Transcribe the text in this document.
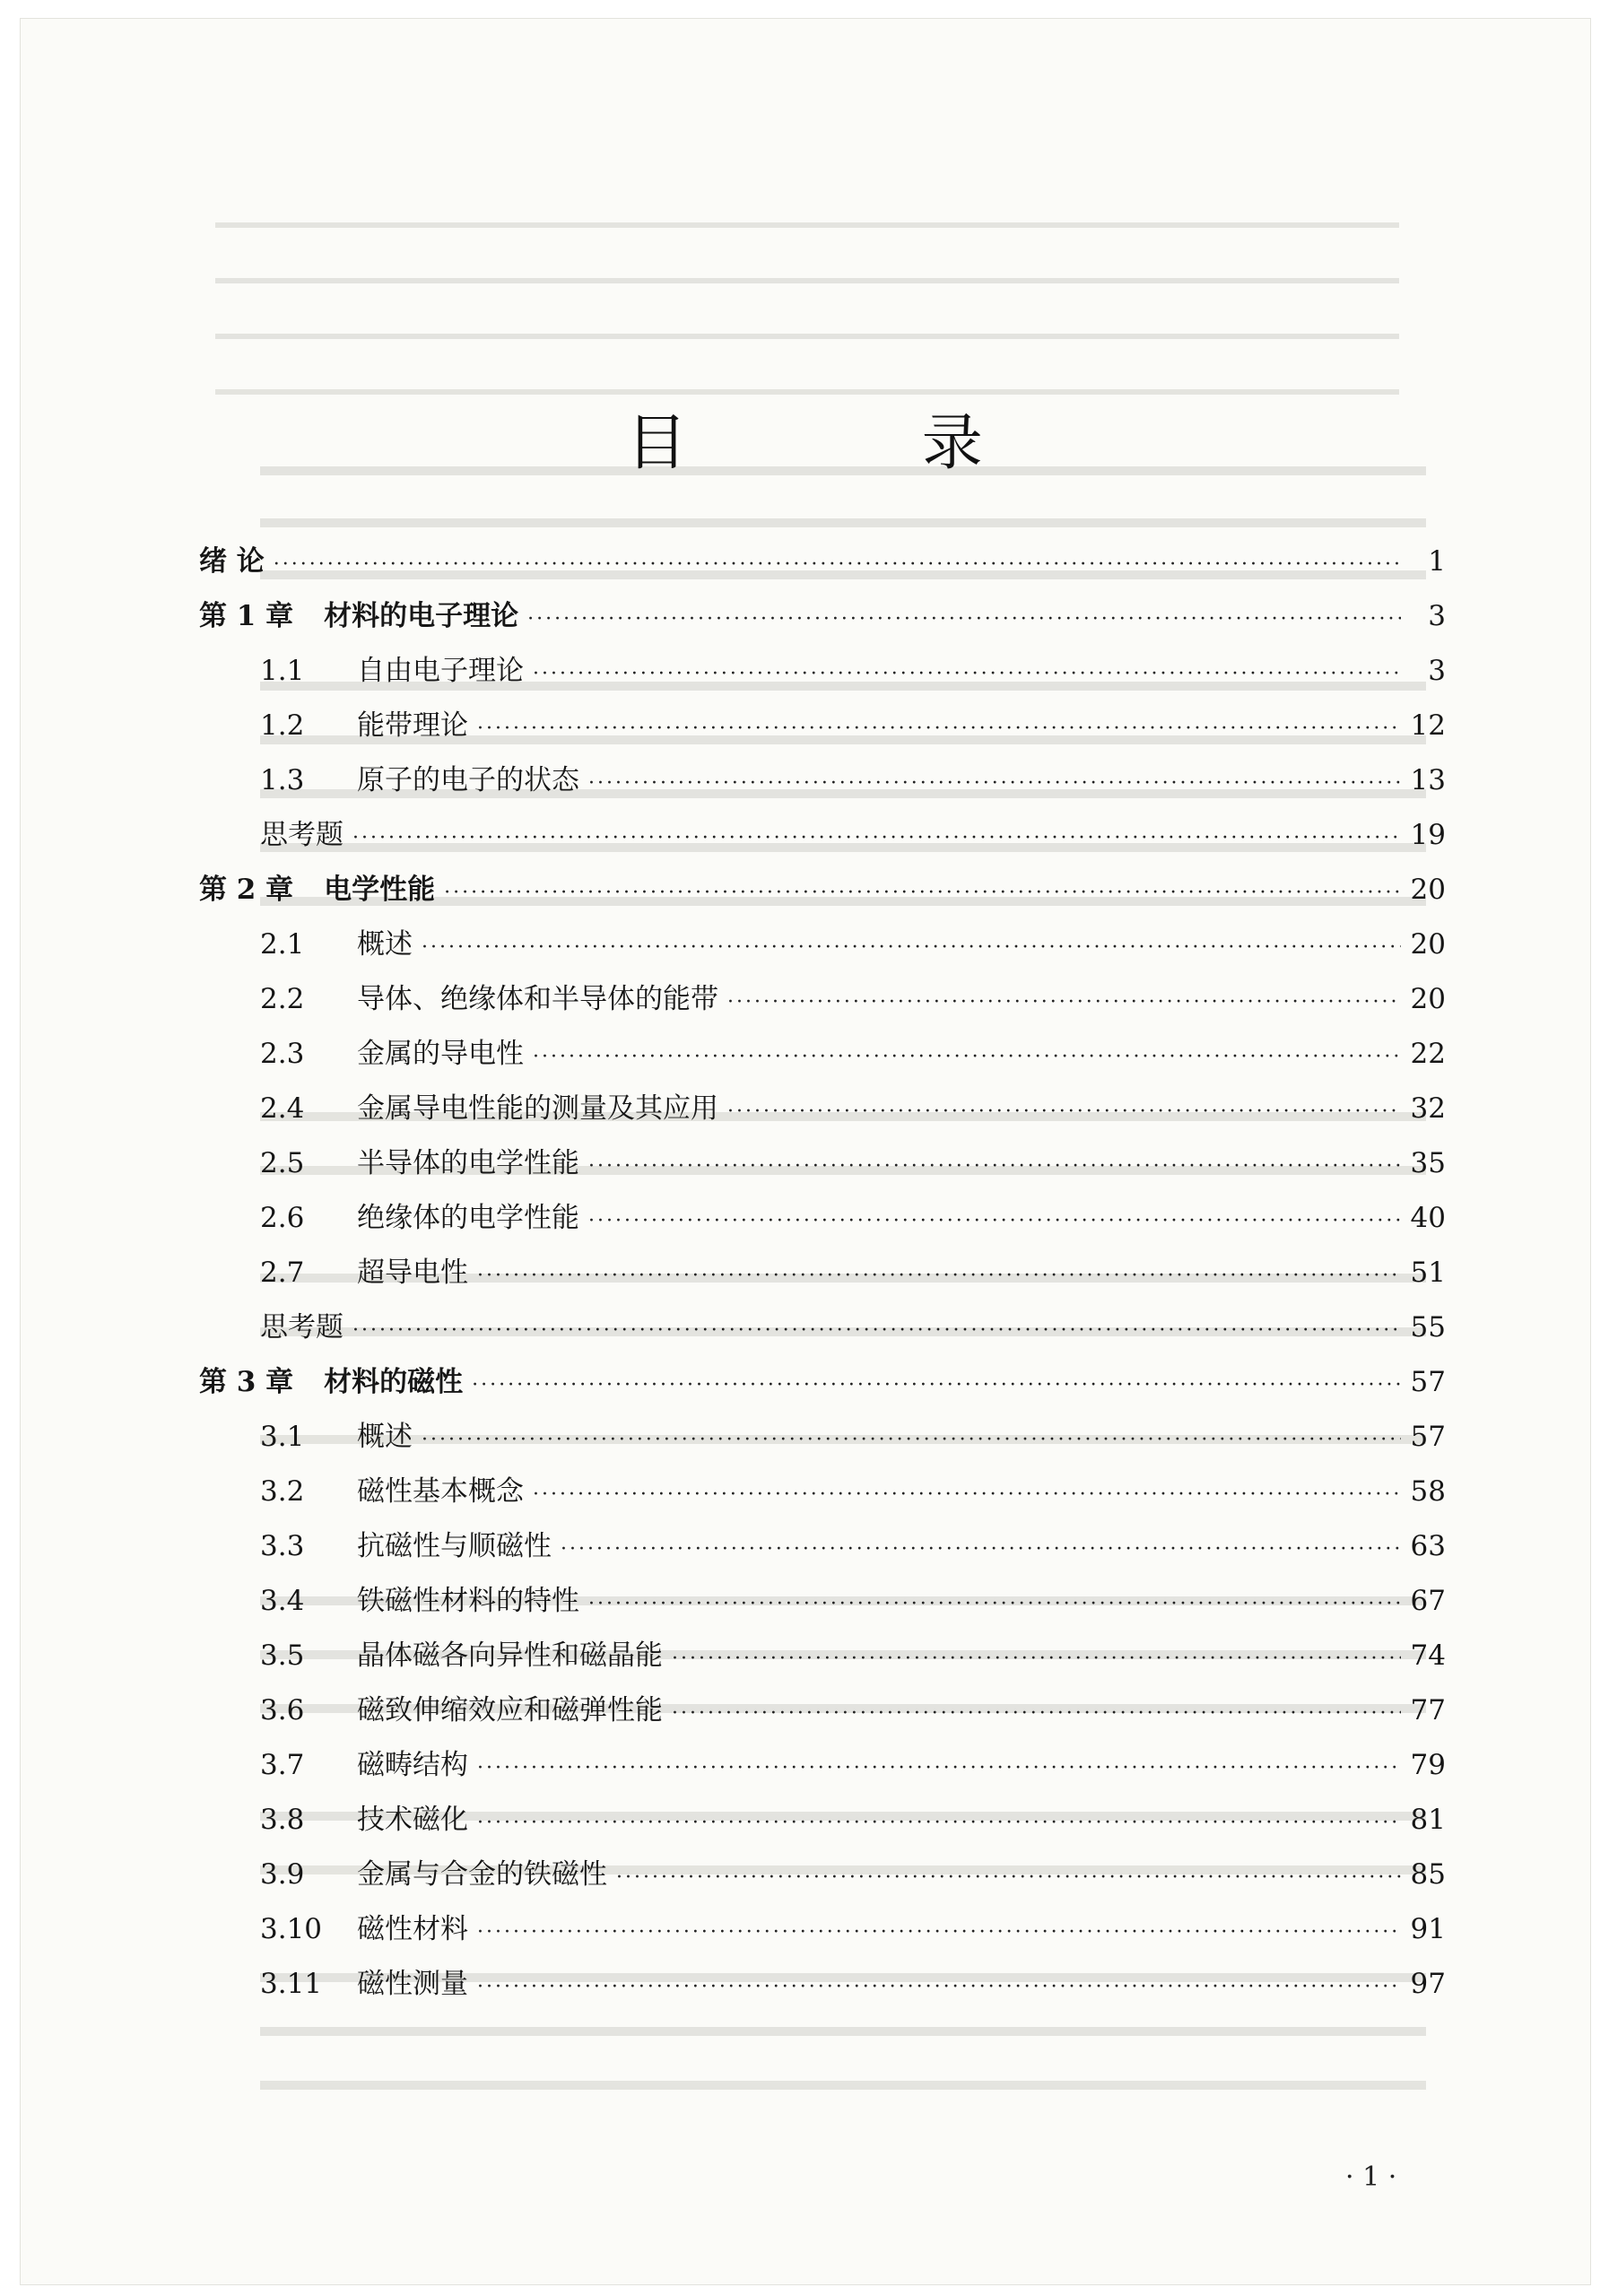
目 录
绪 论 ·····	1
第 1 章	材料的电子理论 ·····	3
1.1	自由电子理论 ·····	3
1.2	能带理论 ·····	12
1.3	原子的电子的状态 ·····	13
思考题 ·····	19
第 2 章	电学性能 ·····	20
2.1	概述 ·····	20
2.2	导体、绝缘体和半导体的能带 ·····	20
2.3	金属的导电性 ·····	22
2.4	金属导电性能的测量及其应用 ·····	32
2.5	半导体的电学性能 ·····	35
2.6	绝缘体的电学性能 ·····	40
2.7	超导电性 ·····	51
思考题 ·····	55
第 3 章	材料的磁性 ·····	57
3.1	概述 ·····	57
3.2	磁性基本概念 ·····	58
3.3	抗磁性与顺磁性 ·····	63
3.4	铁磁性材料的特性 ·····	67
3.5	晶体磁各向异性和磁晶能 ·····	74
3.6	磁致伸缩效应和磁弹性能 ·····	77
3.7	磁畴结构 ·····	79
3.8	技术磁化 ·····	81
3.9	金属与合金的铁磁性 ·····	85
3.10	磁性材料 ·····	91
3.11	磁性测量 ·····	97
· 1 ·
